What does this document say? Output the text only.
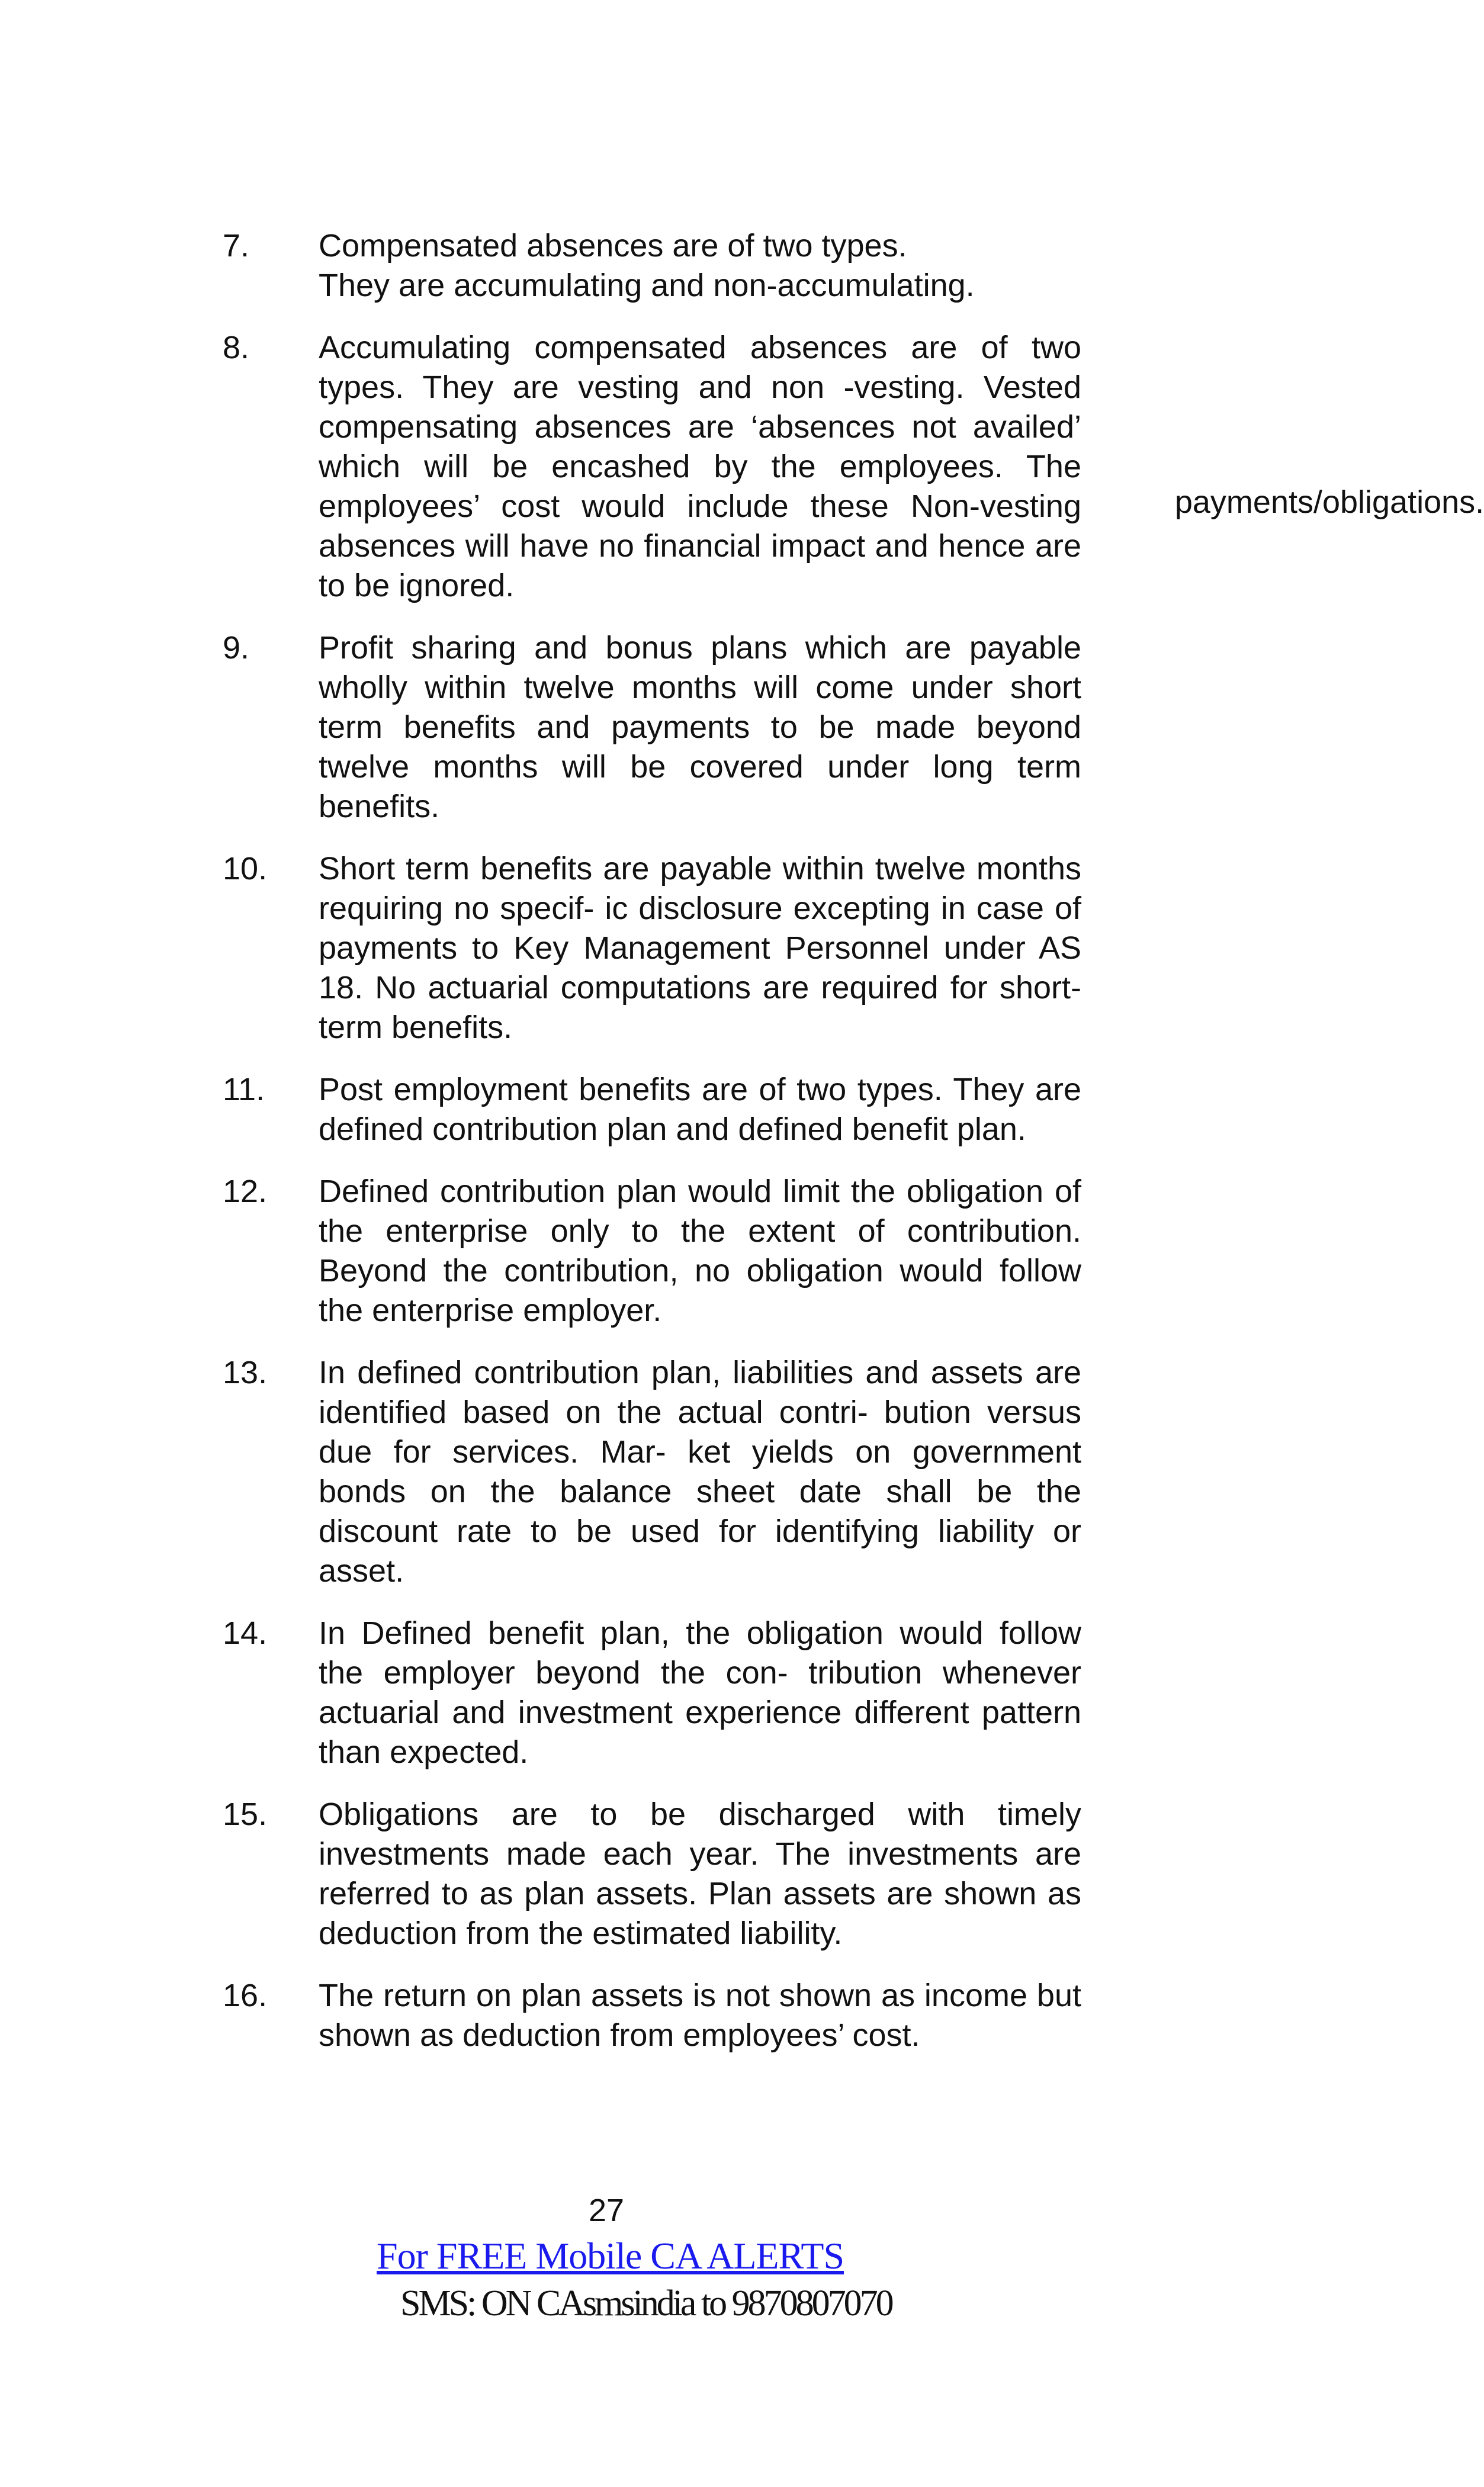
7.	Compensated absences are of two types.
They are accumulating and non-accumulating.
8.	Accumulating compensated absences are of two types. They are vesting and non -vesting. Vested compensating absences are ‘absences not availed’ which will be encashed by the employees. The employees’ cost would include these	payments/obligations.
Non-vesting absences will have no financial impact and hence are to be ignored.
9.	Profit sharing and bonus plans which are payable wholly within twelve months will come under short term benefits and payments to be made beyond twelve months will be covered under long term benefits.
10.	Short term benefits are payable within twelve months requiring no specif- ic disclosure excepting in case of payments to Key Management Personnel under AS 18. No actuarial computations are required for short-term benefits.
11.	Post employment benefits are of two types. They are defined contribution plan and defined benefit plan.
12.	Defined contribution plan would limit the obligation of the enterprise only to the extent of contribution. Beyond the contribution, no obligation would follow the enterprise employer.
13.	In defined contribution plan, liabilities and assets are identified based on the actual contri- bution versus due for services. Mar- ket yields on government bonds on the balance sheet date shall be the discount rate to be used for identifying liability or asset.
14.	In Defined benefit plan, the obligation would follow the employer beyond the con- tribution whenever actuarial and investment experience different pattern than expected.
15.	Obligations are to be discharged with timely investments made each year. The investments are referred to as plan assets. Plan assets are shown as deduction from the estimated liability.
16.	The return on plan assets is not shown as income but shown as deduction from employees’ cost.
27
For FREE Mobile CA ALERTS
SMS: ON CAsmsindia to 9870807070
